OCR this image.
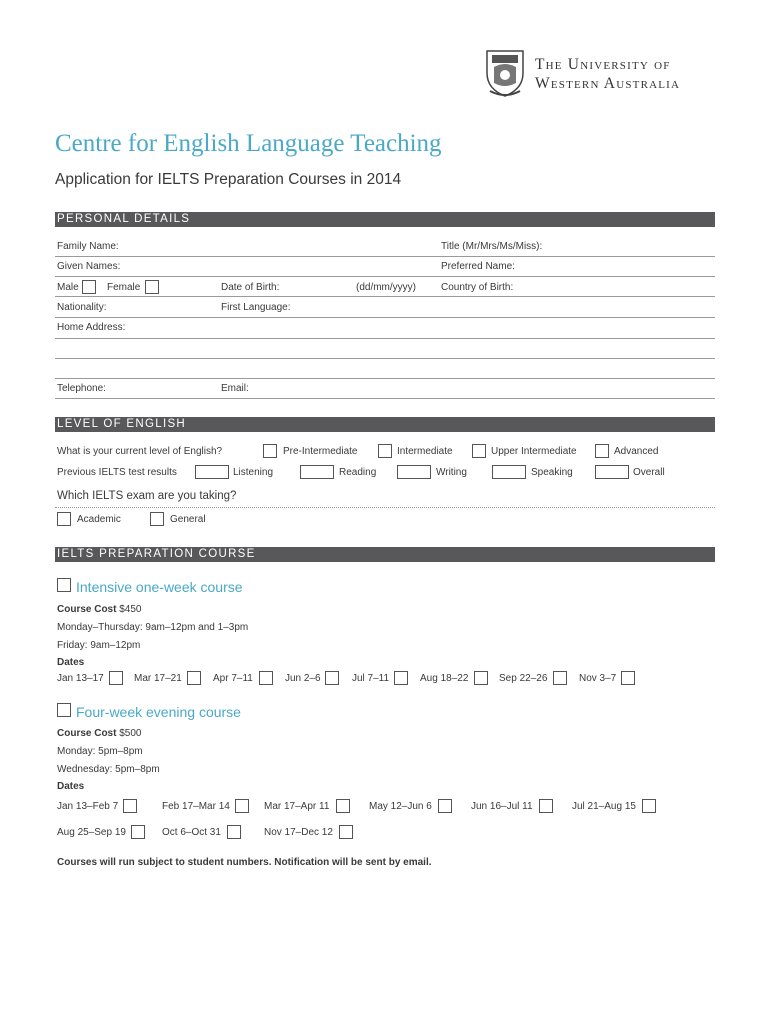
The University of
Western Australia
Centre for English Language Teaching
Application for IELTS Preparation Courses in 2014
PERSONAL DETAILS
Family Name:	Title (Mr/Mrs/Ms/Miss):
Given Names:	Preferred Name:
Male	Female	Date of Birth:	(dd/mm/yyyy)	Country of Birth:
Nationality:	First Language:
Home Address:
Telephone:	Email:
LEVEL OF ENGLISH
What is your current level of English?	Pre-Intermediate	Intermediate	Upper Intermediate	Advanced
Previous IELTS test results	Listening	Reading	Writing	Speaking	Overall
Which IELTS exam are you taking?
Academic	General
IELTS PREPARATION COURSE
Intensive one-week course
Course Cost $450
Monday–Thursday: 9am–12pm and 1–3pm
Friday: 9am–12pm
Dates
Jan 13–17	Mar 17–21	Apr 7–11	Jun 2–6	Jul 7–11	Aug 18–22	Sep 22–26	Nov 3–7
Four-week evening course
Course Cost $500
Monday: 5pm–8pm
Wednesday: 5pm–8pm
Dates
Jan 13–Feb 7	Feb 17–Mar 14	Mar 17–Apr 11	May 12–Jun 6	Jun 16–Jul 11	Jul 21–Aug 15
Aug 25–Sep 19	Oct 6–Oct 31	Nov 17–Dec 12
Courses will run subject to student numbers. Notification will be sent by email.
